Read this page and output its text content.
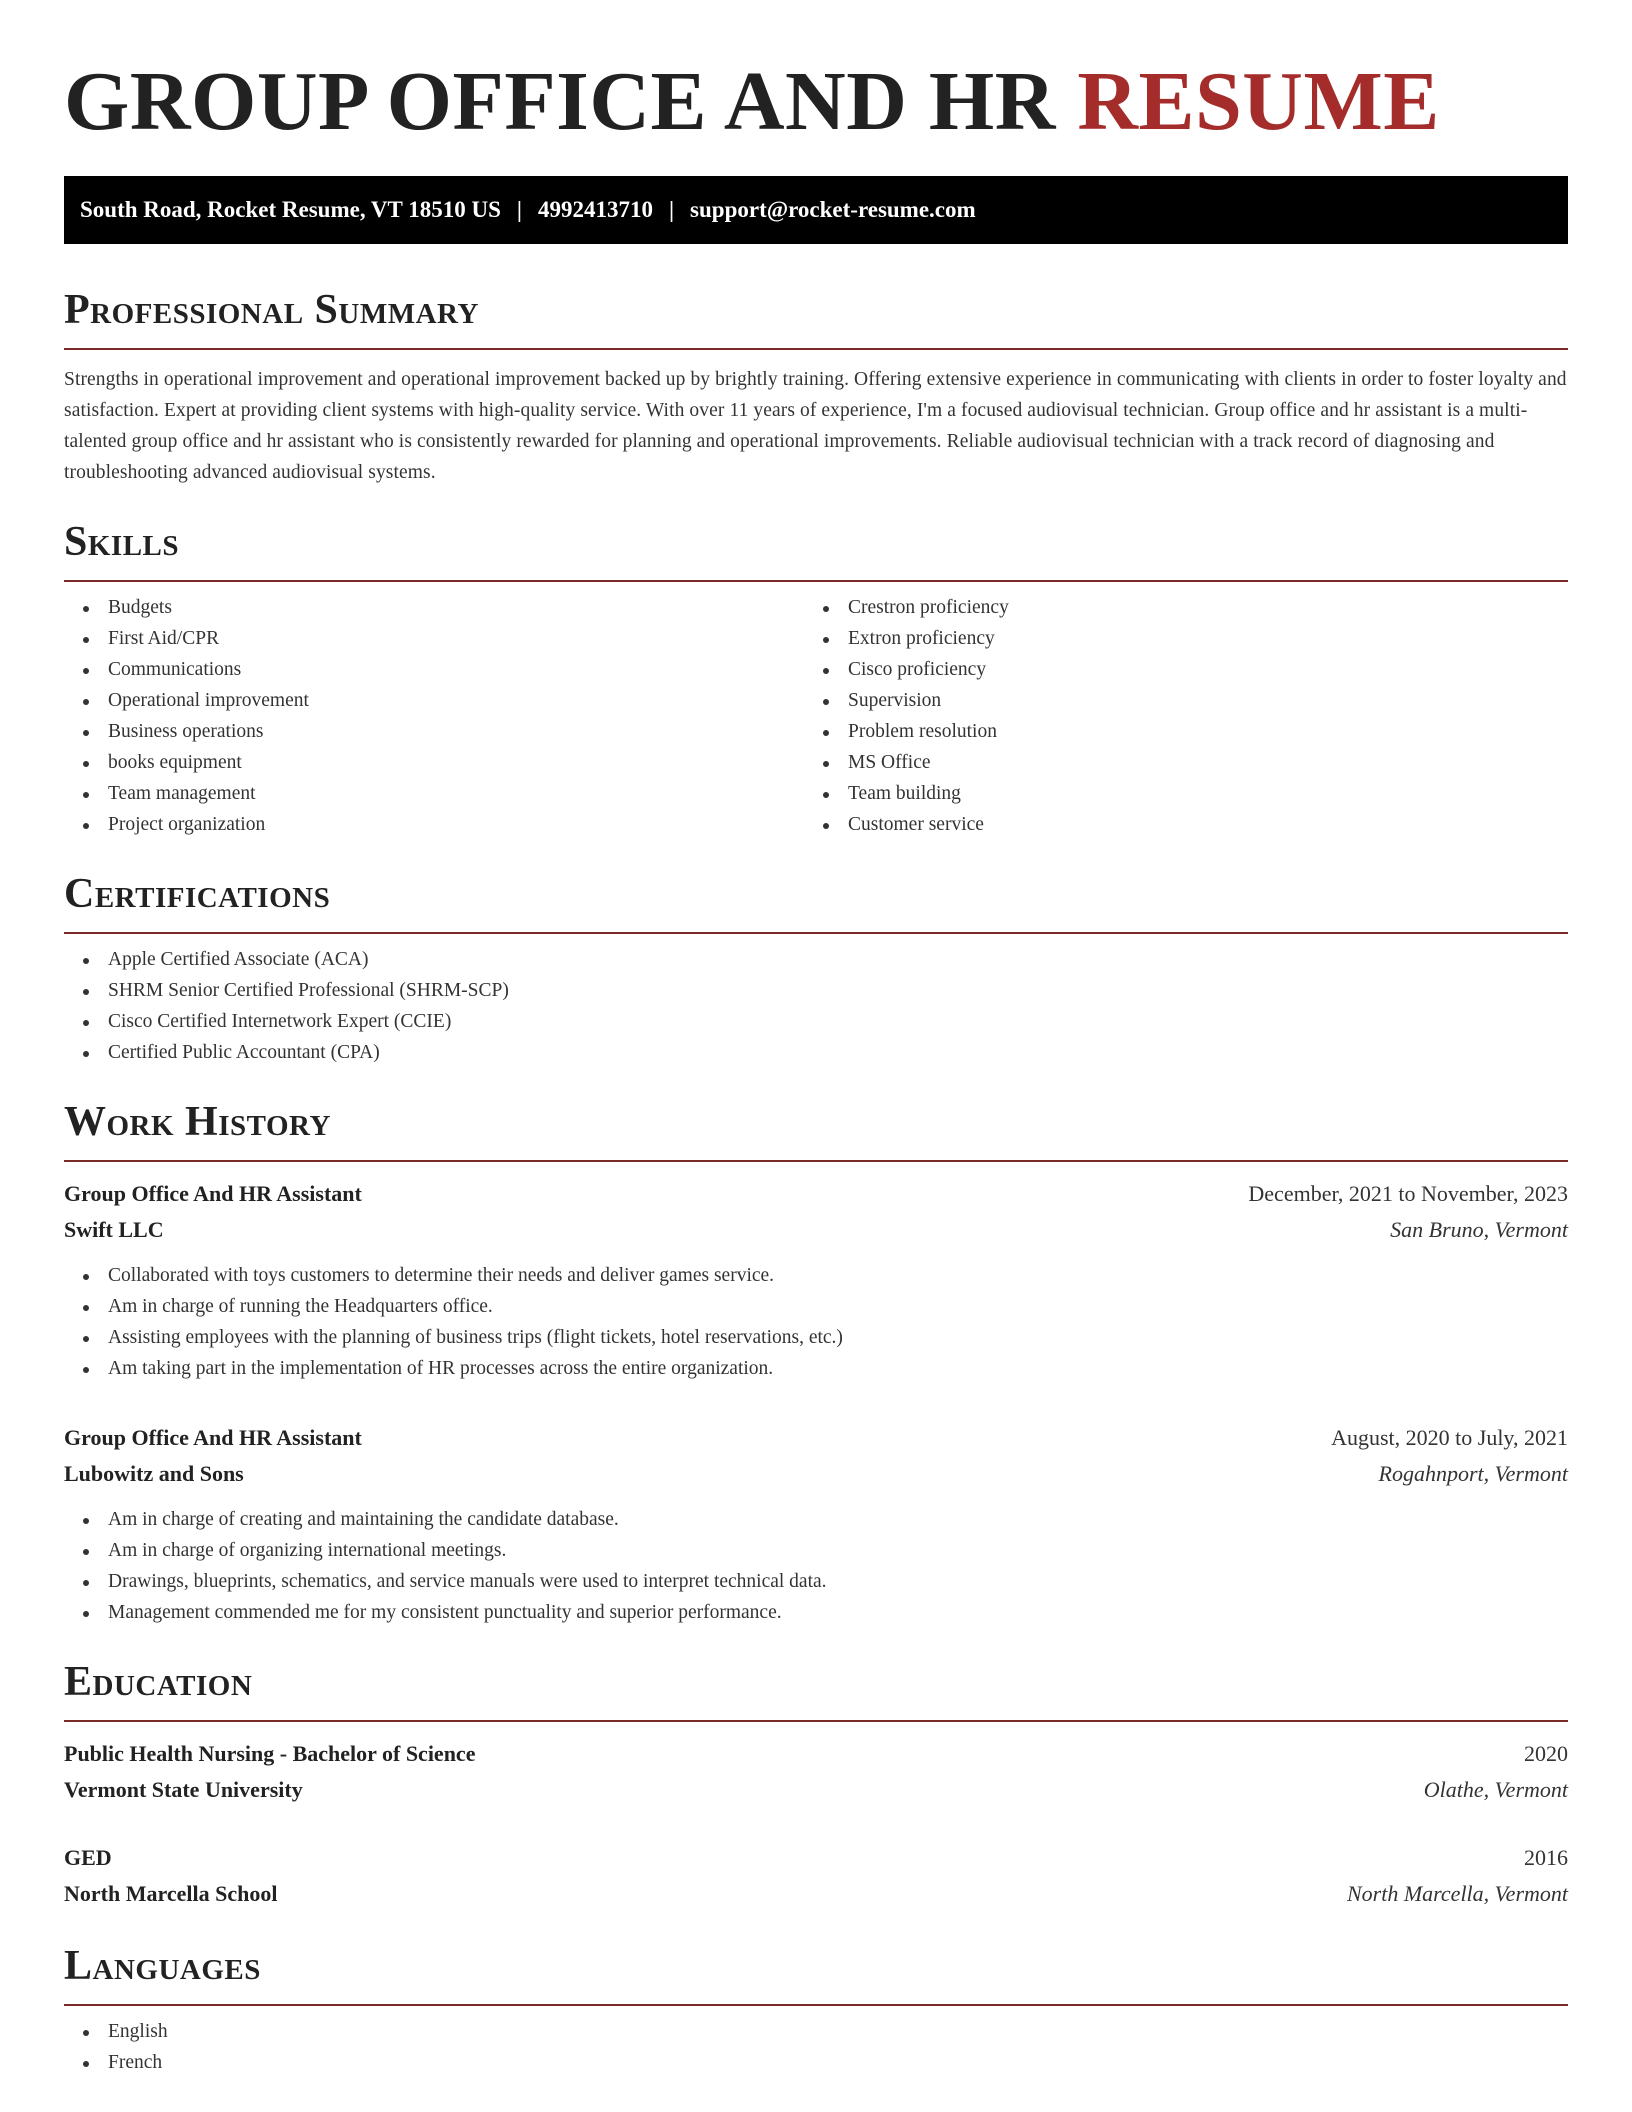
GROUP OFFICE AND HR RESUME
South Road, Rocket Resume, VT 18510 US | 4992413710 | support@rocket-resume.com
Professional Summary

Strengths in operational improvement and operational improvement backed up by brightly training. Offering extensive experience in communicating with clients in order to foster loyalty and satisfaction. Expert at providing client systems with high-quality service. With over 11 years of experience, I'm a focused audiovisual technician. Group office and hr assistant is a multi-talented group office and hr assistant who is consistently rewarded for planning and operational improvements. Reliable audiovisual technician with a track record of diagnosing and troubleshooting advanced audiovisual systems.

Skills
Budgets
First Aid/CPR
Communications
Operational improvement
Business operations
books equipment
Team management
Project organization
Crestron proficiency
Extron proficiency
Cisco proficiency
Supervision
Problem resolution
MS Office
Team building
Customer service
Certifications
Apple Certified Associate (ACA)
SHRM Senior Certified Professional (SHRM-SCP)
Cisco Certified Internetwork Expert (CCIE)
Certified Public Accountant (CPA)
Work History
Group Office And HR Assistant	December, 2021 to November, 2023
Swift LLC	San Bruno, Vermont
Collaborated with toys customers to determine their needs and deliver games service.
Am in charge of running the Headquarters office.
Assisting employees with the planning of business trips (flight tickets, hotel reservations, etc.)
Am taking part in the implementation of HR processes across the entire organization.
Group Office And HR Assistant	August, 2020 to July, 2021
Lubowitz and Sons	Rogahnport, Vermont
Am in charge of creating and maintaining the candidate database.
Am in charge of organizing international meetings.
Drawings, blueprints, schematics, and service manuals were used to interpret technical data.
Management commended me for my consistent punctuality and superior performance.
Education
Public Health Nursing - Bachelor of Science	2020
Vermont State University	Olathe, Vermont
GED	2016
North Marcella School	North Marcella, Vermont
Languages
English
French
